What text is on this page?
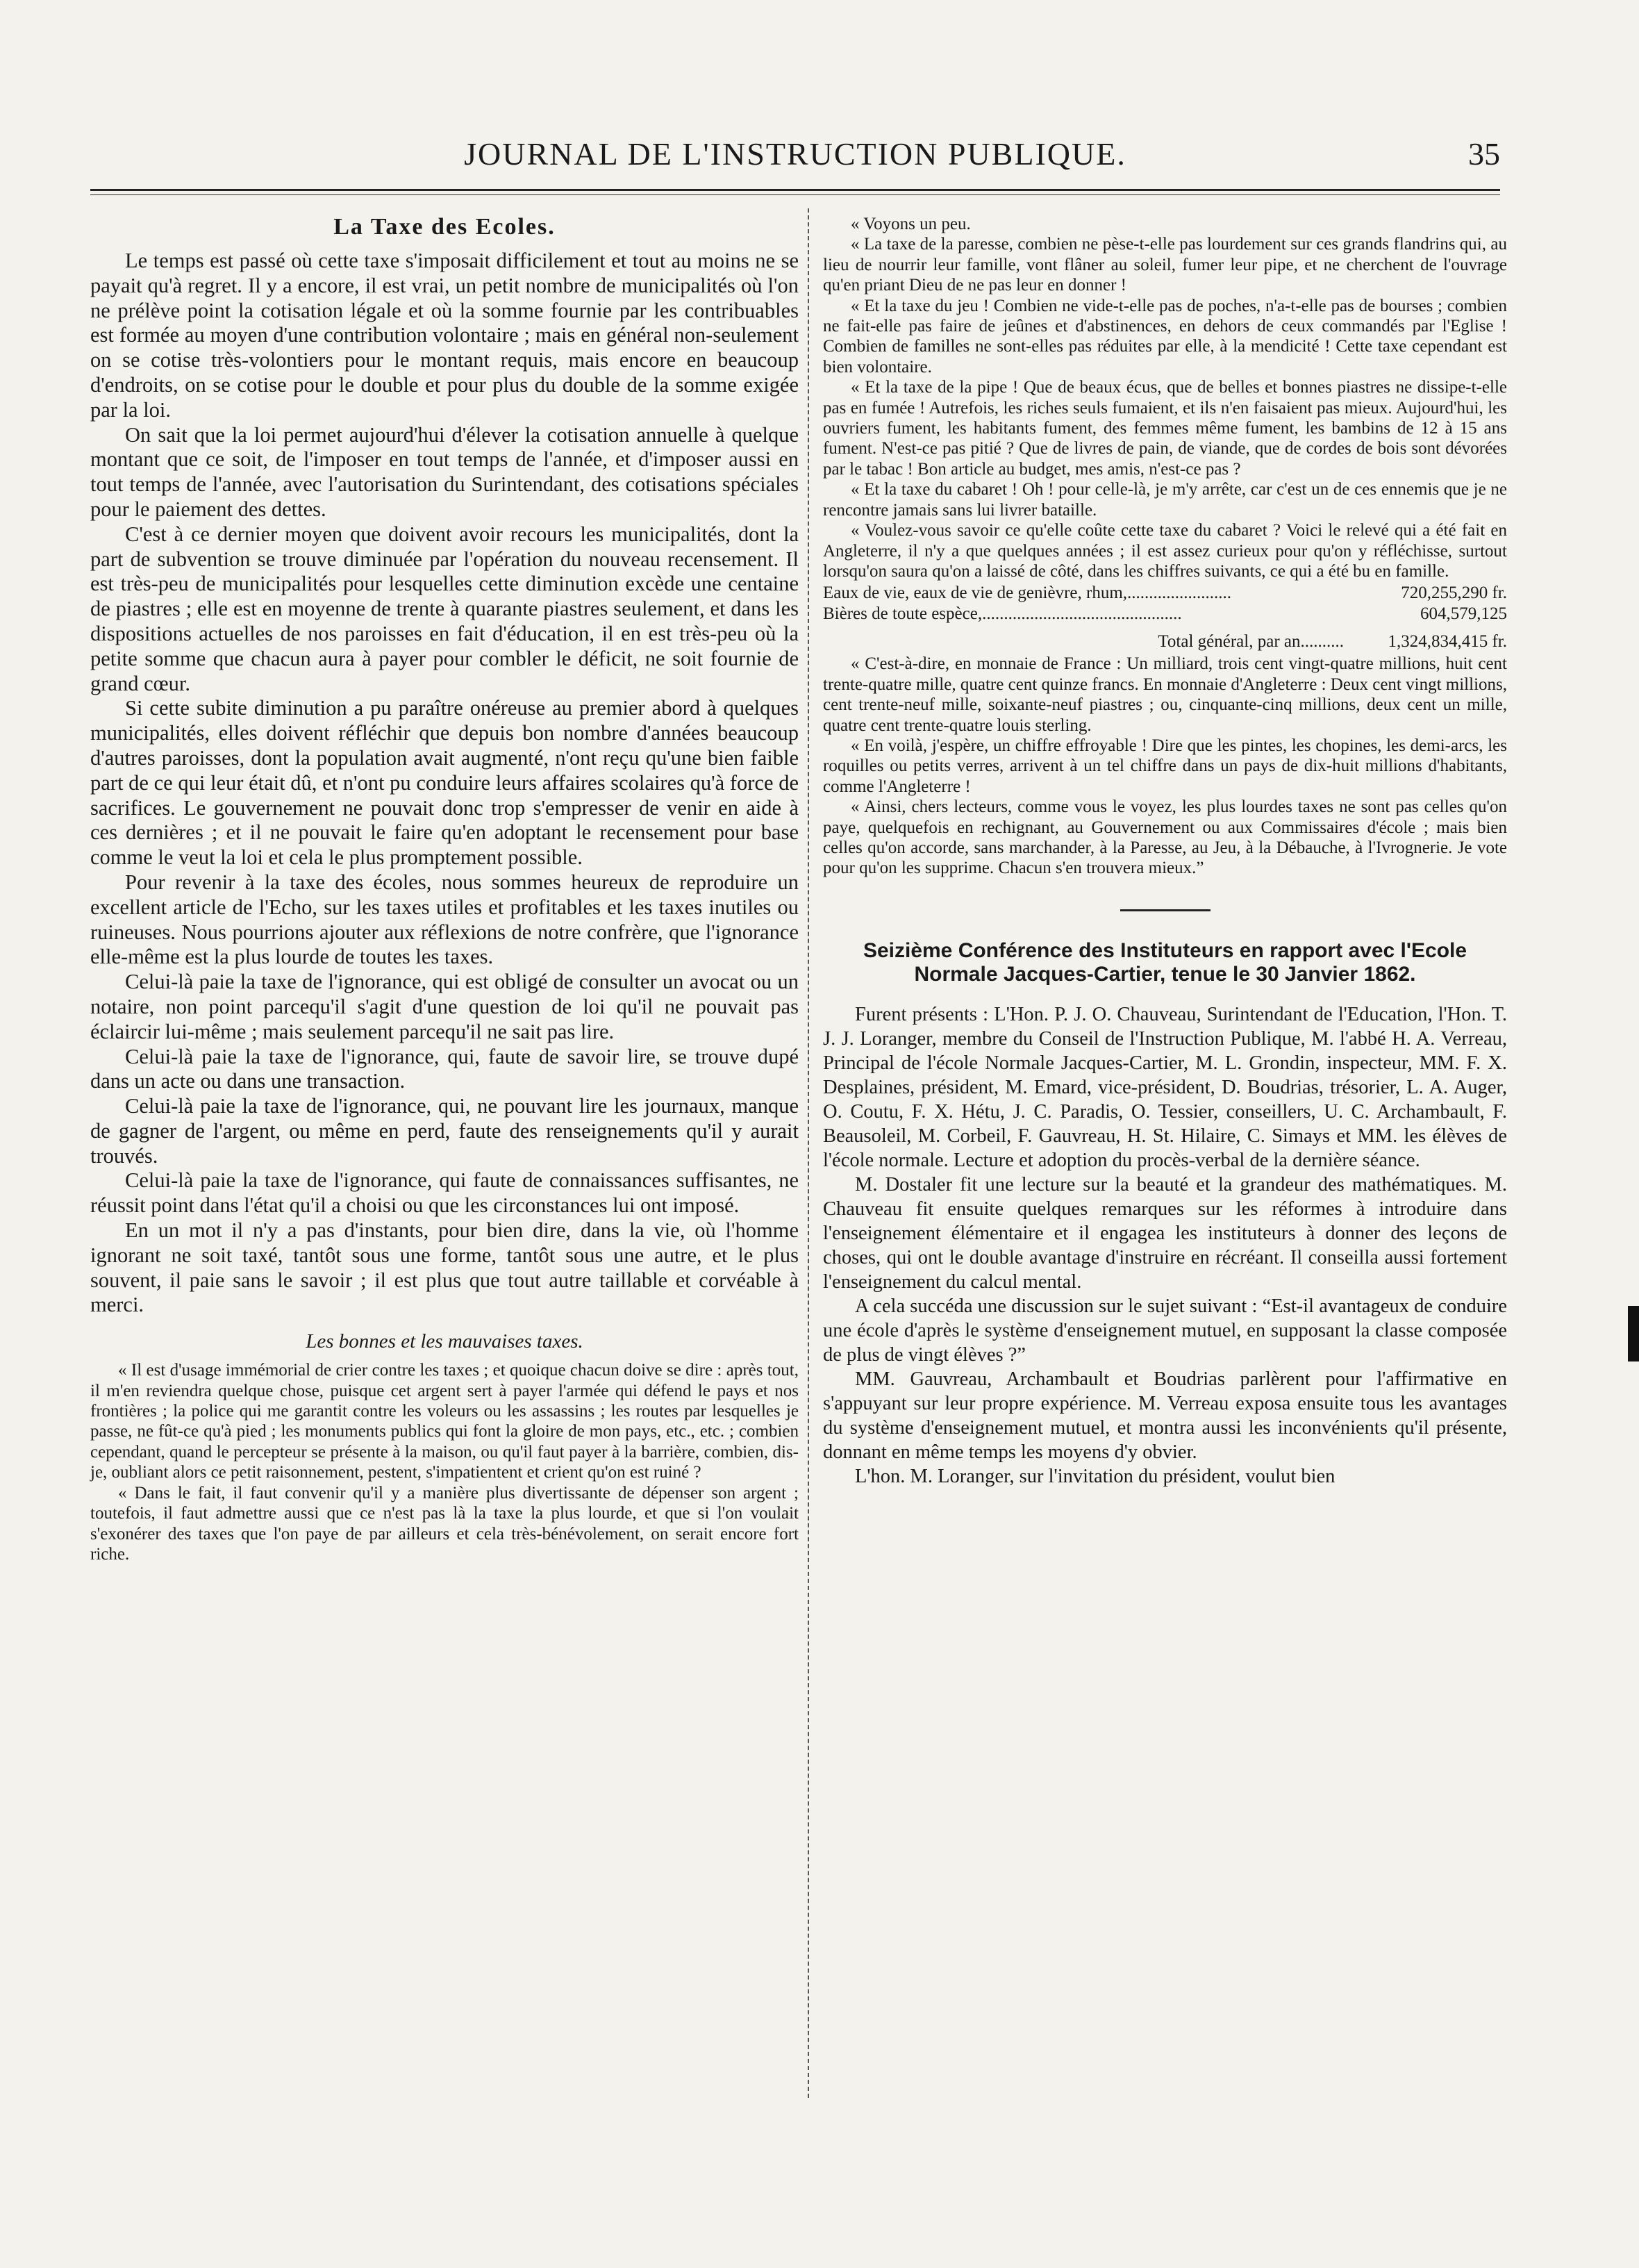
JOURNAL DE L'INSTRUCTION PUBLIQUE.	35
La Taxe des Ecoles.

Le temps est passé où cette taxe s'imposait difficilement et tout au moins ne se payait qu'à regret. Il y a encore, il est vrai, un petit nombre de municipalités où l'on ne prélève point la cotisation légale et où la somme fournie par les contribuables est formée au moyen d'une contribution volontaire ; mais en général non-seulement on se cotise très-volontiers pour le montant requis, mais encore en beaucoup d'endroits, on se cotise pour le double et pour plus du double de la somme exigée par la loi.

On sait que la loi permet aujourd'hui d'élever la cotisation annuelle à quelque montant que ce soit, de l'imposer en tout temps de l'année, et d'imposer aussi en tout temps de l'année, avec l'autorisation du Surintendant, des cotisations spéciales pour le paiement des dettes.

C'est à ce dernier moyen que doivent avoir recours les municipalités, dont la part de subvention se trouve diminuée par l'opération du nouveau recensement. Il est très-peu de municipalités pour lesquelles cette diminution excède une centaine de piastres ; elle est en moyenne de trente à quarante piastres seulement, et dans les dispositions actuelles de nos paroisses en fait d'éducation, il en est très-peu où la petite somme que chacun aura à payer pour combler le déficit, ne soit fournie de grand cœur.

Si cette subite diminution a pu paraître onéreuse au premier abord à quelques municipalités, elles doivent réfléchir que depuis bon nombre d'années beaucoup d'autres paroisses, dont la population avait augmenté, n'ont reçu qu'une bien faible part de ce qui leur était dû, et n'ont pu conduire leurs affaires scolaires qu'à force de sacrifices. Le gouvernement ne pouvait donc trop s'empresser de venir en aide à ces dernières ; et il ne pouvait le faire qu'en adoptant le recensement pour base comme le veut la loi et cela le plus promptement possible.

Pour revenir à la taxe des écoles, nous sommes heureux de reproduire un excellent article de l'Echo, sur les taxes utiles et profitables et les taxes inutiles ou ruineuses. Nous pourrions ajouter aux réflexions de notre confrère, que l'ignorance elle-même est la plus lourde de toutes les taxes.

Celui-là paie la taxe de l'ignorance, qui est obligé de consulter un avocat ou un notaire, non point parcequ'il s'agit d'une question de loi qu'il ne pouvait pas éclaircir lui-même ; mais seulement parcequ'il ne sait pas lire.

Celui-là paie la taxe de l'ignorance, qui, faute de savoir lire, se trouve dupé dans un acte ou dans une transaction.

Celui-là paie la taxe de l'ignorance, qui, ne pouvant lire les journaux, manque de gagner de l'argent, ou même en perd, faute des renseignements qu'il y aurait trouvés.

Celui-là paie la taxe de l'ignorance, qui faute de connaissances suffisantes, ne réussit point dans l'état qu'il a choisi ou que les circonstances lui ont imposé.

En un mot il n'y a pas d'instants, pour bien dire, dans la vie, où l'homme ignorant ne soit taxé, tantôt sous une forme, tantôt sous une autre, et le plus souvent, il paie sans le savoir ; il est plus que tout autre taillable et corvéable à merci.

Les bonnes et les mauvaises taxes.

« Il est d'usage immémorial de crier contre les taxes ; et quoique chacun doive se dire : après tout, il m'en reviendra quelque chose, puisque cet argent sert à payer l'armée qui défend le pays et nos frontières ; la police qui me garantit contre les voleurs ou les assassins ; les routes par lesquelles je passe, ne fût-ce qu'à pied ; les monuments publics qui font la gloire de mon pays, etc., etc. ; combien cependant, quand le percepteur se présente à la maison, ou qu'il faut payer à la barrière, combien, dis-je, oubliant alors ce petit raisonnement, pestent, s'impatientent et crient qu'on est ruiné ?

« Dans le fait, il faut convenir qu'il y a manière plus divertissante de dépenser son argent ; toutefois, il faut admettre aussi que ce n'est pas là la taxe la plus lourde, et que si l'on voulait s'exonérer des taxes que l'on paye de par ailleurs et cela très-bénévolement, on serait encore fort riche.

« Voyons un peu.

« La taxe de la paresse, combien ne pèse-t-elle pas lourdement sur ces grands flandrins qui, au lieu de nourrir leur famille, vont flâner au soleil, fumer leur pipe, et ne cherchent de l'ouvrage qu'en priant Dieu de ne pas leur en donner !

« Et la taxe du jeu ! Combien ne vide-t-elle pas de poches, n'a-t-elle pas de bourses ; combien ne fait-elle pas faire de jeûnes et d'abstinences, en dehors de ceux commandés par l'Eglise ! Combien de familles ne sont-elles pas réduites par elle, à la mendicité ! Cette taxe cependant est bien volontaire.

« Et la taxe de la pipe ! Que de beaux écus, que de belles et bonnes piastres ne dissipe-t-elle pas en fumée ! Autrefois, les riches seuls fumaient, et ils n'en faisaient pas mieux. Aujourd'hui, les ouvriers fument, les habitants fument, des femmes même fument, les bambins de 12 à 15 ans fument. N'est-ce pas pitié ? Que de livres de pain, de viande, que de cordes de bois sont dévorées par le tabac ! Bon article au budget, mes amis, n'est-ce pas ?

« Et la taxe du cabaret ! Oh ! pour celle-là, je m'y arrête, car c'est un de ces ennemis que je ne rencontre jamais sans lui livrer bataille.

« Voulez-vous savoir ce qu'elle coûte cette taxe du cabaret ? Voici le relevé qui a été fait en Angleterre, il n'y a que quelques années ; il est assez curieux pour qu'on y réfléchisse, surtout lorsqu'on saura qu'on a laissé de côté, dans les chiffres suivants, ce qui a été bu en famille.

Eaux de vie, eaux de vie de genièvre, rhum,........................	720,255,290 fr.
Bières de toute espèce,..............................................	604,579,125
Total général, par an..........	1,324,834,415 fr.

« C'est-à-dire, en monnaie de France : Un milliard, trois cent vingt-quatre millions, huit cent trente-quatre mille, quatre cent quinze francs. En monnaie d'Angleterre : Deux cent vingt millions, cent trente-neuf mille, soixante-neuf piastres ; ou, cinquante-cinq millions, deux cent un mille, quatre cent trente-quatre louis sterling.

« En voilà, j'espère, un chiffre effroyable ! Dire que les pintes, les chopines, les demi-arcs, les roquilles ou petits verres, arrivent à un tel chiffre dans un pays de dix-huit millions d'habitants, comme l'Angleterre !

« Ainsi, chers lecteurs, comme vous le voyez, les plus lourdes taxes ne sont pas celles qu'on paye, quelquefois en rechignant, au Gouvernement ou aux Commissaires d'école ; mais bien celles qu'on accorde, sans marchander, à la Paresse, au Jeu, à la Débauche, à l'Ivrognerie. Je vote pour qu'on les supprime. Chacun s'en trouvera mieux.”

Seizième Conférence des Instituteurs en rapport avec l'Ecole Normale Jacques-Cartier, tenue le 30 Janvier 1862.

Furent présents : L'Hon. P. J. O. Chauveau, Surintendant de l'Education, l'Hon. T. J. J. Loranger, membre du Conseil de l'Instruction Publique, M. l'abbé H. A. Verreau, Principal de l'école Normale Jacques-Cartier, M. L. Grondin, inspecteur, MM. F. X. Desplaines, président, M. Emard, vice-président, D. Boudrias, trésorier, L. A. Auger, O. Coutu, F. X. Hétu, J. C. Paradis, O. Tessier, conseillers, U. C. Archambault, F. Beausoleil, M. Corbeil, F. Gauvreau, H. St. Hilaire, C. Simays et MM. les élèves de l'école normale. Lecture et adoption du procès-verbal de la dernière séance.

M. Dostaler fit une lecture sur la beauté et la grandeur des mathématiques. M. Chauveau fit ensuite quelques remarques sur les réformes à introduire dans l'enseignement élémentaire et il engagea les instituteurs à donner des leçons de choses, qui ont le double avantage d'instruire en récréant. Il conseilla aussi fortement l'enseignement du calcul mental.

A cela succéda une discussion sur le sujet suivant : “Est-il avantageux de conduire une école d'après le système d'enseignement mutuel, en supposant la classe composée de plus de vingt élèves ?”

MM. Gauvreau, Archambault et Boudrias parlèrent pour l'affirmative en s'appuyant sur leur propre expérience. M. Verreau exposa ensuite tous les avantages du système d'enseignement mutuel, et montra aussi les inconvénients qu'il présente, donnant en même temps les moyens d'y obvier.

L'hon. M. Loranger, sur l'invitation du président, voulut bien
